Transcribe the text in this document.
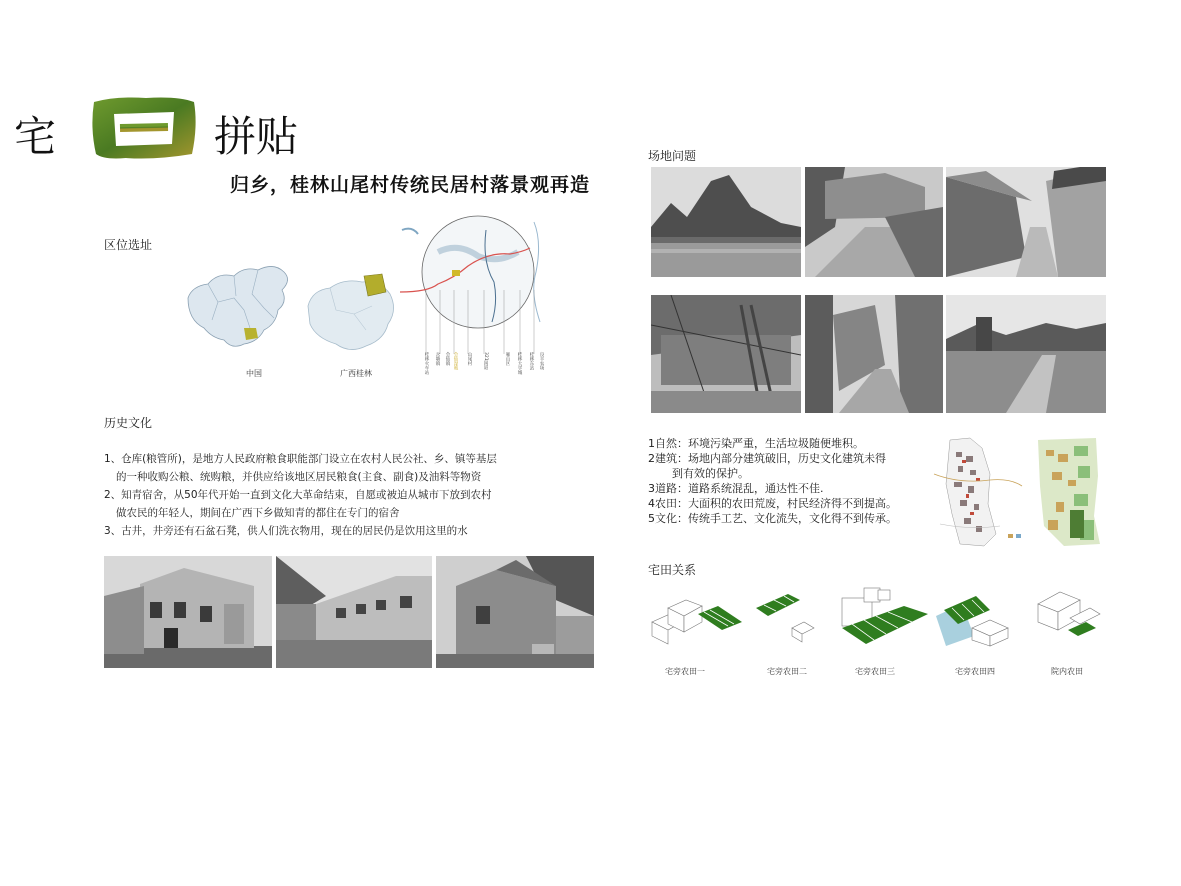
宅	拼贴
归乡，桂林山尾村传统民居村落景观再造
区位选址
中国	广西桂林	桂林火车站 岔塘镇 会仙镇 会仙湿地 山尾村 321国道	雁山区 桂林大学城 桂林东站 良丰农场
历史文化
1、仓库(粮管所)，是地方人民政府粮食职能部门设立在农村人民公社、乡、镇等基层
的一种收购公粮、统购粮，并供应给该地区居民粮食(主食、副食)及油料等物资
2、知青宿舍，从50年代开始一直到文化大革命结束，自愿或被迫从城市下放到农村
做农民的年轻人，期间在广西下乡做知青的都住在专门的宿舍
3、古井，井旁还有石盆石凳，供人们洗衣物用，现在的居民仍是饮用这里的水
场地问题
1自然：环境污染严重，生活垃圾随便堆积。
2建筑：场地内部分建筑破旧，历史文化建筑未得
到有效的保护。
3道路：道路系统混乱，通达性不佳.
4农田：大面积的农田荒废，村民经济得不到提高。
5文化：传统手工艺、文化流失，文化得不到传承。
宅田关系
宅旁农田一	宅旁农田二	宅旁农田三	宅旁农田四	院内农田
